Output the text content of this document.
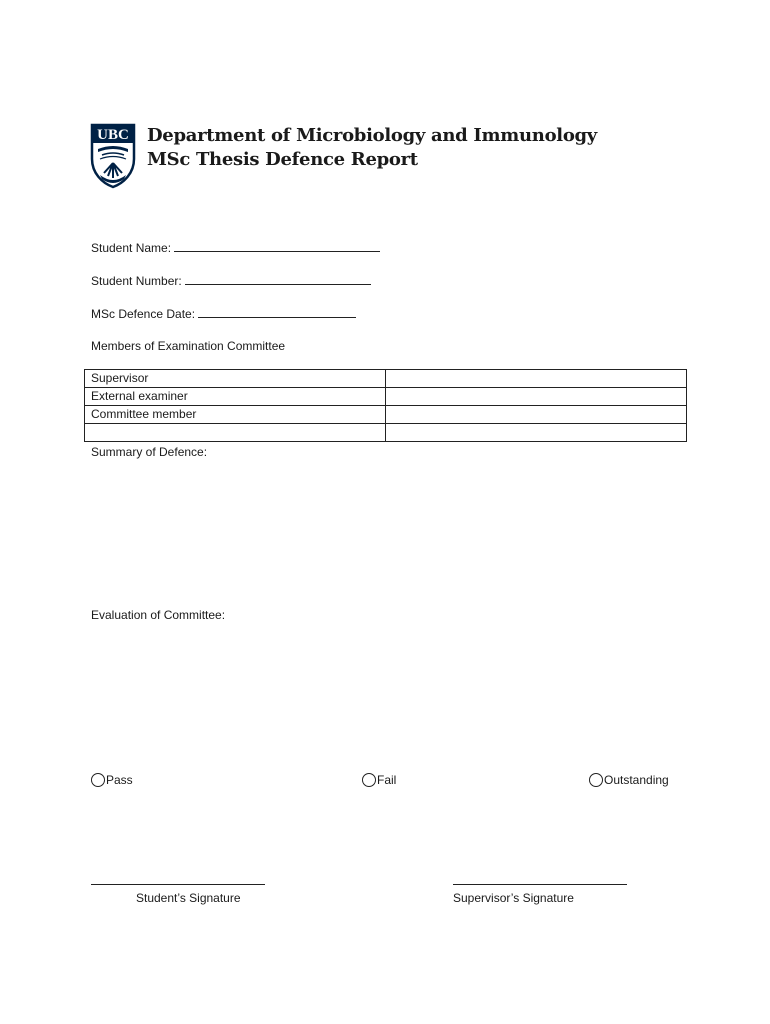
UBC Department of Microbiology and Immunology
MSc Thesis Defence Report
Student Name:
Student Number:
MSc Defence Date:
Members of Examination Committee
Supervisor	
External examiner	
Committee member	

Summary of Defence:
Evaluation of Committee:
Pass	Fail	Outstanding
Student’s Signature	Supervisor’s Signature
